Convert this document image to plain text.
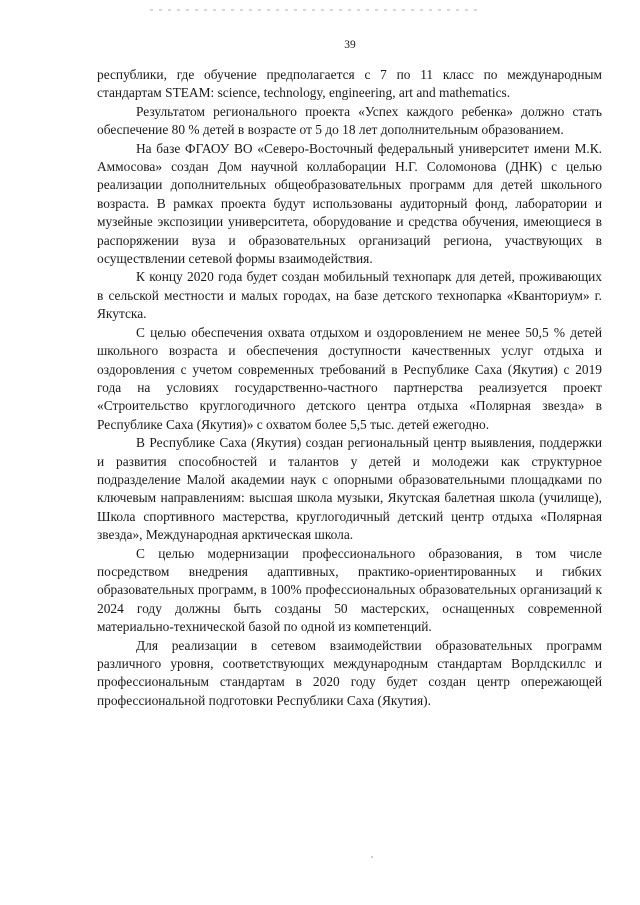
39

республики, где обучение предполагается с 7 по 11 класс по международным стандартам STEAM: science, technology, engineering, art and mathematics.

Результатом регионального проекта «Успех каждого ребенка» должно стать обеспечение 80 % детей в возрасте от 5 до 18 лет дополнительным образованием.

На базе ФГАОУ ВО «Северо-Восточный федеральный университет имени М.К. Аммосова» создан Дом научной коллаборации Н.Г. Соломонова (ДНК) с целью реализации дополнительных общеобразовательных программ для детей школьного возраста. В рамках проекта будут использованы аудиторный фонд, лаборатории и музейные экспозиции университета, оборудование и средства обучения, имеющиеся в распоряжении вуза и образовательных организаций региона, участвующих в осуществлении сетевой формы взаимодействия.

К концу 2020 года будет создан мобильный технопарк для детей, проживающих в сельской местности и малых городах, на базе детского технопарка «Кванториум» г. Якутска.

С целью обеспечения охвата отдыхом и оздоровлением не менее 50,5 % детей школьного возраста и обеспечения доступности качественных услуг отдыха и оздоровления с учетом современных требований в Республике Саха (Якутия) с 2019 года на условиях государственно-частного партнерства реализуется проект «Строительство круглогодичного детского центра отдыха «Полярная звезда» в Республике Саха (Якутия)» с охватом более 5,5 тыс. детей ежегодно.

В Республике Саха (Якутия) создан региональный центр выявления, поддержки и развития способностей и талантов у детей и молодежи как структурное подразделение Малой академии наук с опорными образовательными площадками по ключевым направлениям: высшая школа музыки, Якутская балетная школа (училище), Школа спортивного мастерства, круглогодичный детский центр отдыха «Полярная звезда», Международная арктическая школа.

С целью модернизации профессионального образования, в том числе посредством внедрения адаптивных, практико-ориентированных и гибких образовательных программ, в 100% профессиональных образовательных организаций к 2024 году должны быть созданы 50 мастерских, оснащенных современной материально-технической базой по одной из компетенций.

Для реализации в сетевом взаимодействии образовательных программ различного уровня, соответствующих международным стандартам Ворлдскиллс и профессиональным стандартам в 2020 году будет создан центр опережающей профессиональной подготовки Республики Саха (Якутия).
